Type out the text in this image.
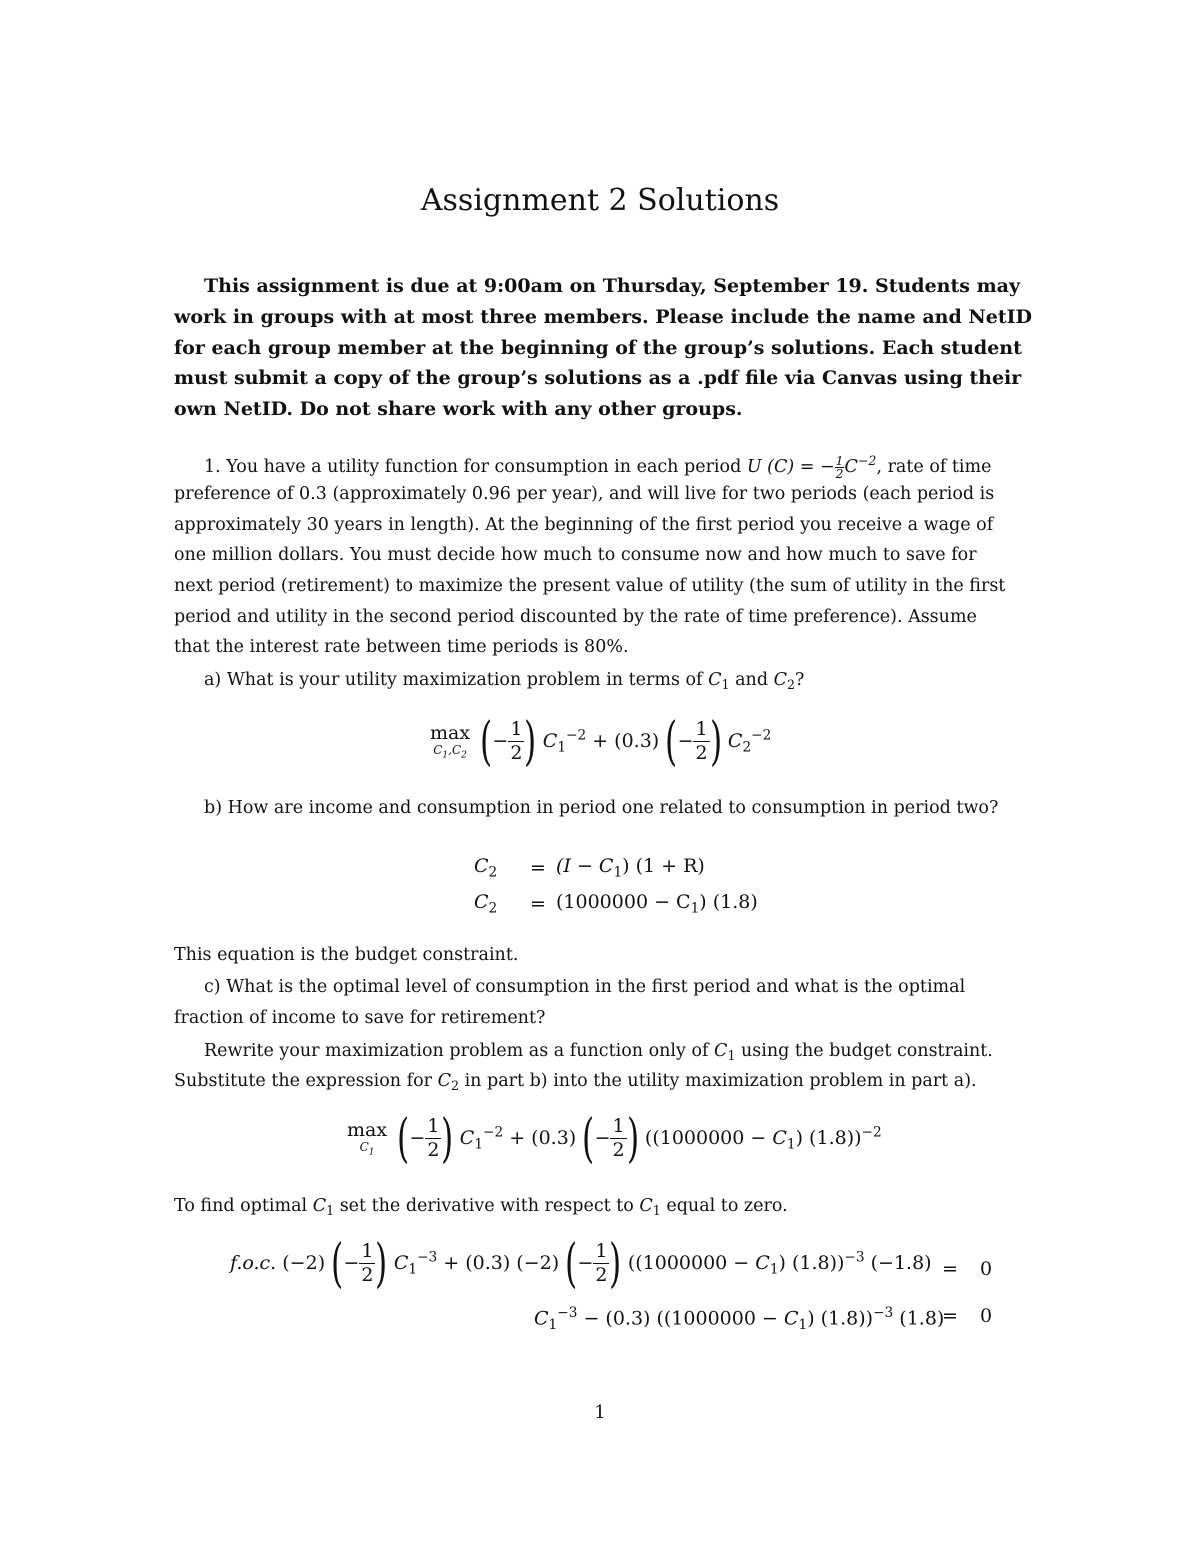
Assignment 2 Solutions
This assignment is due at 9:00am on Thursday, September 19. Students may
work in groups with at most three members. Please include the name and NetID
for each group member at the beginning of the group’s solutions. Each student
must submit a copy of the group’s solutions as a .pdf file via Canvas using their
own NetID. Do not share work with any other groups.
1. You have a utility function for consumption in each period U (C) = − $\frac{1}{2} C^{-2}$, rate of time
preference of 0.3 (approximately 0.96 per year), and will live for two periods (each period is
approximately 30 years in length). At the beginning of the first period you receive a wage of
one million dollars. You must decide how much to consume now and how much to save for
next period (retirement) to maximize the present value of utility (the sum of utility in the first
period and utility in the second period discounted by the rate of time preference). Assume
that the interest rate between time periods is 80%.
a) What is your utility maximization problem in terms of $C_1$ and $C_2$?
max
$C_1,C_2$ (− $\frac{1}{2}$ ) $C_1^{-2} + (0.3)$ (− $\frac{1}{2}$ ) $C_2^{-2}$
b) How are income and consumption in period one related to consumption in period two?
$C_2$	=	$(I - C_1)$ (1 + R)
$C_2$	=	$(1000000 - C_1)$ (1.8)
This equation is the budget constraint.
c) What is the optimal level of consumption in the first period and what is the optimal
fraction of income to save for retirement?
Rewrite your maximization problem as a function only of $C_1$ using the budget constraint.
Substitute the expression for $C_2$ in part b) into the utility maximization problem in part a).
max
$C_1$ (− $\frac{1}{2}$ ) $C_1^{-2} + (0.3)$ (− $\frac{1}{2}$ ) ($(1000000 - C_1)$ (1.8))$^{-2}$
To find optimal $C_1$ set the derivative with respect to $C_1$ equal to zero.
f.o.c. (−2) (− $\frac{1}{2}$ ) $C_1^{-3} + (0.3)$ (−2) (− $\frac{1}{2}$ ) ($(1000000 - C_1)$ (1.8))$^{-3}$ (−1.8) = 0
$C_1^{-3} - (0.3) ((1000000 - C_1)$ (1.8))$^{-3}$ (1.8)
= 0
1
